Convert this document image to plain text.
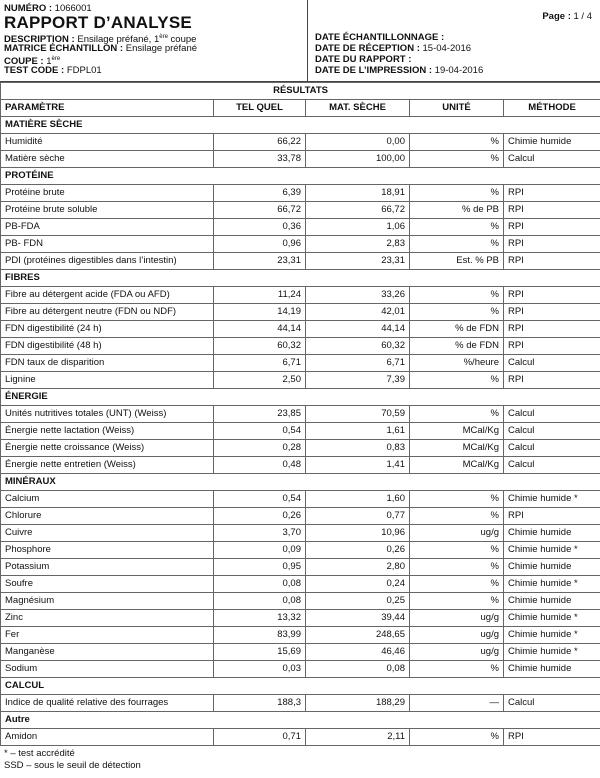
NUMÉRO : 1066001
RAPPORT D’ANALYSE
DESCRIPTION : Ensilage préfané, 1ère coupe
MATRICE ÉCHANTILLON : Ensilage préfané
COUPE : 1ère
TEST CODE : FDPL01
DATE ÉCHANTILLONNAGE :
DATE DE RÉCEPTION : 15-04-2016
DATE DU RAPPORT :
DATE DE L’IMPRESSION : 19-04-2016
Page : 1 / 4
RÉSULTATS				
PARAMÈTRE	TEL QUEL	MAT. SÈCHE	UNITÉ	MÉTHODE
MATIÈRE SÈCHE				
Humidité	66,22	0,00	%	Chimie humide
Matière sèche	33,78	100,00	%	Calcul
PROTÉINE				
Protéine brute	6,39	18,91	%	RPI
Protéine brute soluble	66,72	66,72	% de PB	RPI
PB-FDA	0,36	1,06	%	RPI
PB- FDN	0,96	2,83	%	RPI
PDI (protéines digestibles dans l’intestin)	23,31	23,31	Est. % PB	RPI
FIBRES				
Fibre au détergent acide (FDA ou AFD)	11,24	33,26	%	RPI
Fibre au détergent neutre (FDN ou NDF)	14,19	42,01	%	RPI
FDN digestibilité (24 h)	44,14	44,14	% de FDN	RPI
FDN digestibilité (48 h)	60,32	60,32	% de FDN	RPI
FDN taux de disparition	6,71	6,71	%/heure	Calcul
Lignine	2,50	7,39	%	RPI
ÉNERGIE				
Unités nutritives totales (UNT) (Weiss)	23,85	70,59	%	Calcul
Énergie nette lactation (Weiss)	0,54	1,61	MCal/Kg	Calcul
Énergie nette croissance (Weiss)	0,28	0,83	MCal/Kg	Calcul
Énergie nette entretien (Weiss)	0,48	1,41	MCal/Kg	Calcul
MINÉRAUX				
Calcium	0,54	1,60	%	Chimie humide *
Chlorure	0,26	0,77	%	RPI
Cuivre	3,70	10,96	ug/g	Chimie humide
Phosphore	0,09	0,26	%	Chimie humide *
Potassium	0,95	2,80	%	Chimie humide
Soufre	0,08	0,24	%	Chimie humide *
Magnésium	0,08	0,25	%	Chimie humide
Zinc	13,32	39,44	ug/g	Chimie humide *
Fer	83,99	248,65	ug/g	Chimie humide *
Manganèse	15,69	46,46	ug/g	Chimie humide *
Sodium	0,03	0,08	%	Chimie humide
CALCUL				
Indice de qualité relative des fourrages	188,3	188,29	—	Calcul
Autre				
Amidon	0,71	2,11	%	RPI
* – test accrédité
SSD – sous le seuil de détection
